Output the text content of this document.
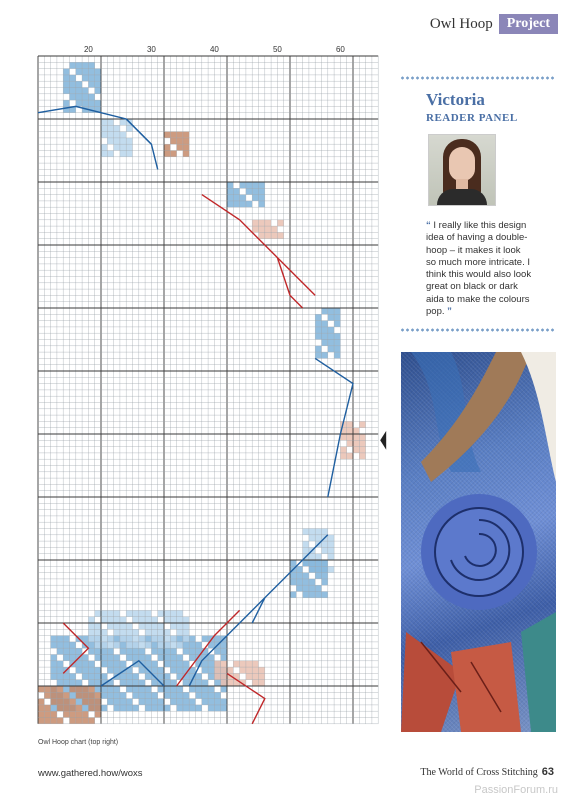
Owl Hoop	Project
20	30	40	50	60
Victoria
READER PANEL
“ I really like this design idea of having a double-hoop – it makes it look so much more intricate. I think this would also look great on black or dark aida to make the colours pop. ”
Owl Hoop chart (top right)
www.gathered.how/woxs	The World of Cross Stitching 63
PassionForum.ru
